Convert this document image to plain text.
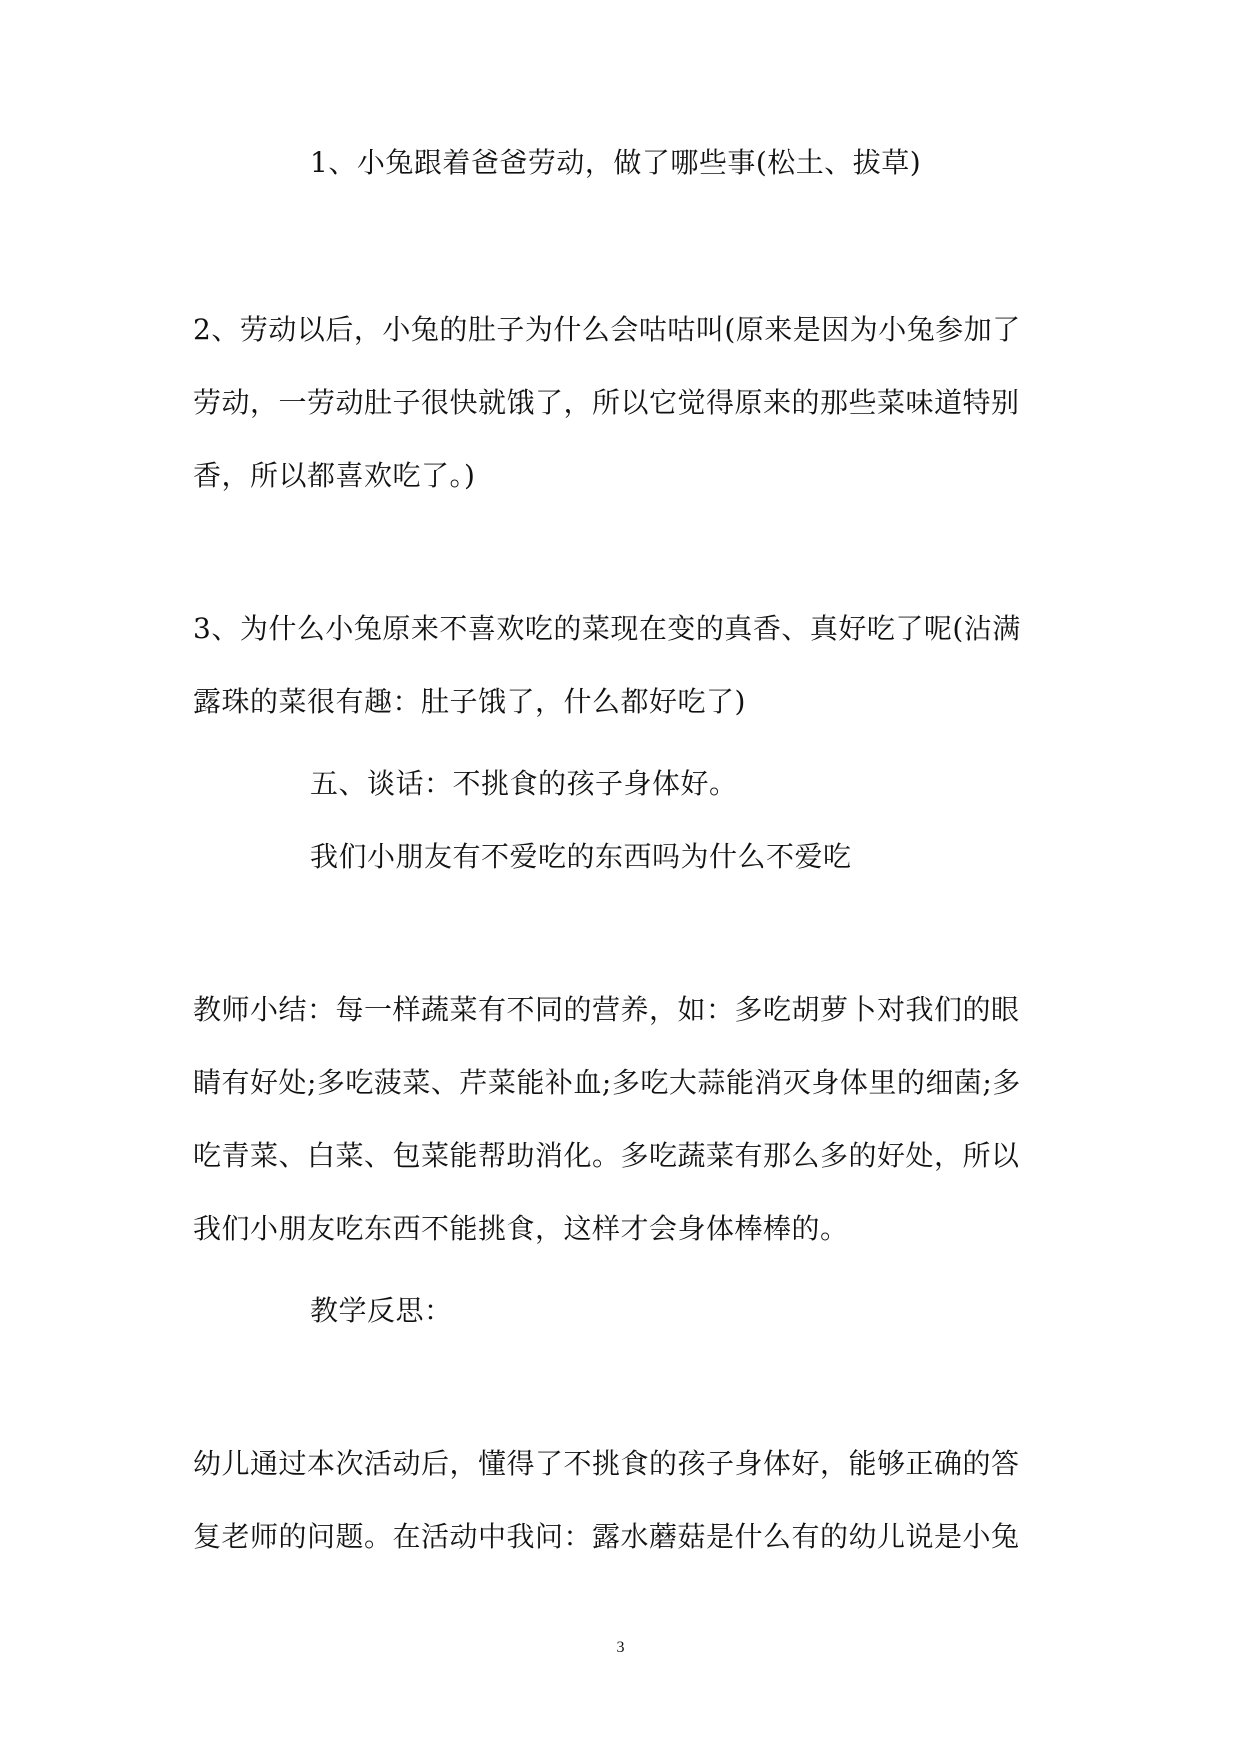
1、小兔跟着爸爸劳动，做了哪些事(松土、拔草)
2、劳动以后，小兔的肚子为什么会咕咕叫(原来是因为小兔参加了
劳动，一劳动肚子很快就饿了，所以它觉得原来的那些菜味道特别
香，所以都喜欢吃了。)
3、为什么小兔原来不喜欢吃的菜现在变的真香、真好吃了呢(沾满
露珠的菜很有趣：肚子饿了，什么都好吃了)
五、谈话：不挑食的孩子身体好。
我们小朋友有不爱吃的东西吗为什么不爱吃
教师小结：每一样蔬菜有不同的营养，如：多吃胡萝卜对我们的眼
睛有好处;多吃菠菜、芹菜能补血;多吃大蒜能消灭身体里的细菌;多
吃青菜、白菜、包菜能帮助消化。多吃蔬菜有那么多的好处，所以
我们小朋友吃东西不能挑食，这样才会身体棒棒的。
教学反思：
幼儿通过本次活动后，懂得了不挑食的孩子身体好，能够正确的答
复老师的问题。在活动中我问：露水蘑菇是什么有的幼儿说是小兔
3
